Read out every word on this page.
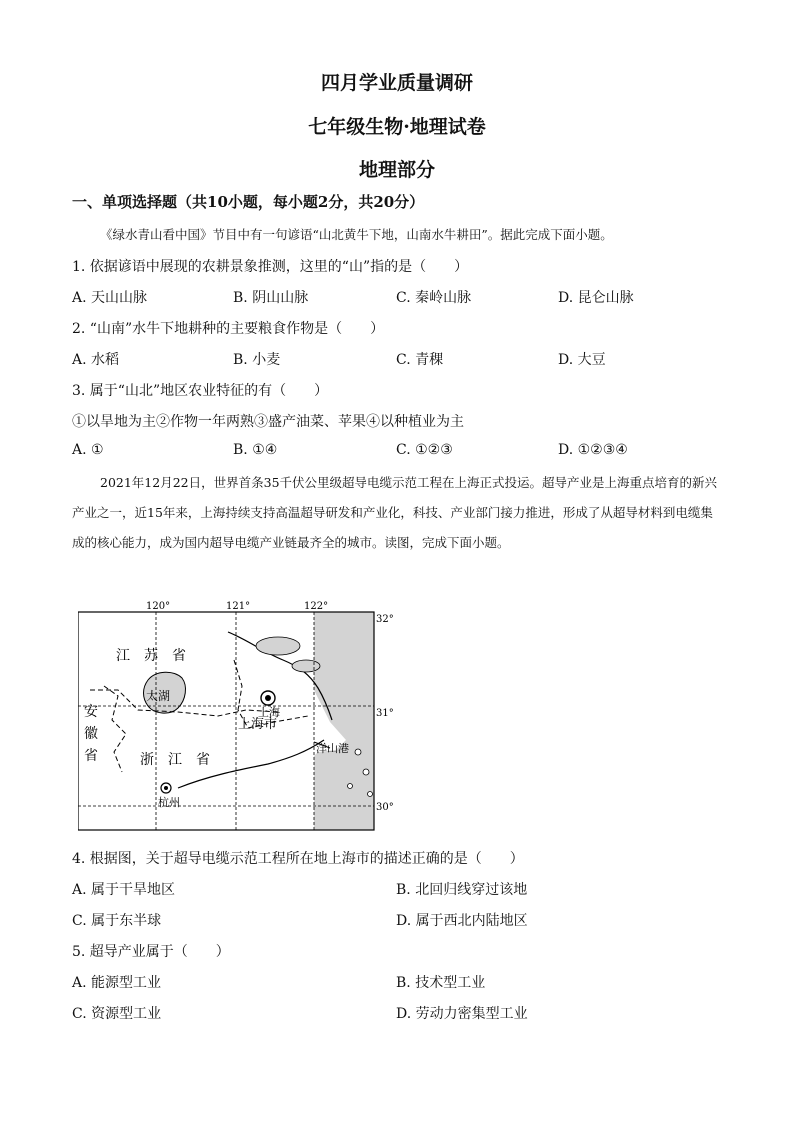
四月学业质量调研
七年级生物·地理试卷
地理部分

一、单项选择题（共10小题，每小题2分，共20分）

《绿水青山看中国》节目中有一句谚语“山北黄牛下地，山南水牛耕田”。据此完成下面小题。

1. 依据谚语中展现的农耕景象推测，这里的“山”指的是（　　）

A. 天山山脉	B. 阴山山脉	C. 秦岭山脉	D. 昆仑山脉

2. “山南”水牛下地耕种的主要粮食作物是（　　）

A. 水稻	B. 小麦	C. 青稞	D. 大豆

3. 属于“山北”地区农业特征的有（　　）

①以旱地为主②作物一年两熟③盛产油菜、苹果④以种植业为主

A. ①	B. ①④	C. ①②③	D. ①②③④

2021年12月22日，世界首条35千伏公里级超导电缆示范工程在上海正式投运。超导产业是上海重点培育的新兴产业之一，近15年来，上海持续支持高温超导研发和产业化，科技、产业部门接力推进，形成了从超导材料到电缆集成的核心能力，成为国内超导电缆产业链最齐全的城市。读图，完成下面小题。

120°	121°	122°
32°
31°
30°
江　苏　省
太湖
安
徽
省	浙　江　省
上海市
上海
洋山港
杭州

4. 根据图，关于超导电缆示范工程所在地上海市的描述正确的是（　　）

A. 属于干旱地区	B. 北回归线穿过该地
C. 属于东半球	D. 属于西北内陆地区

5. 超导产业属于（　　）

A. 能源型工业	B. 技术型工业
C. 资源型工业	D. 劳动力密集型工业
